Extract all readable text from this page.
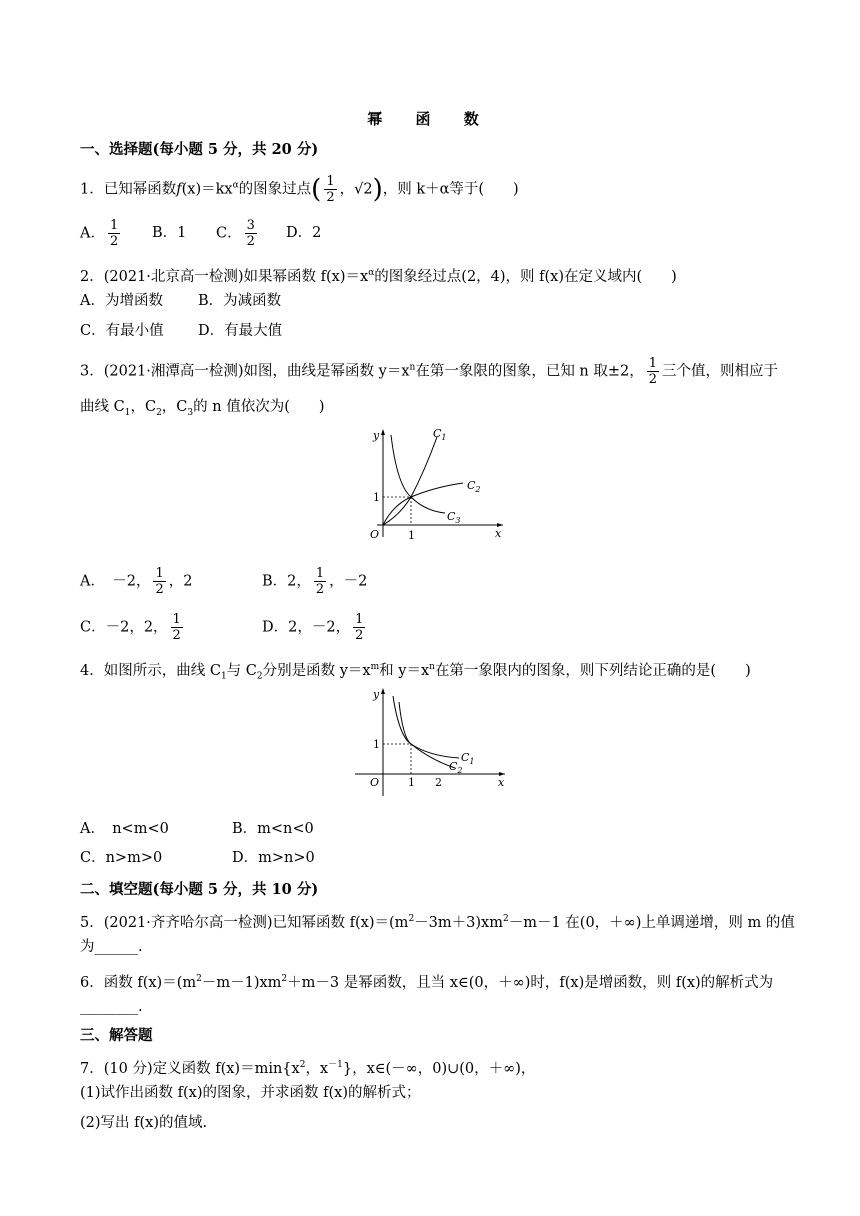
幂 函 数
一、选择题(每小题 5 分，共 20 分)
1．已知幂函数$f(x)=kx^\alpha$的图象过点( $\frac{1}{2}$ ，√2)，则 k＋α等于(　　)
A． $\frac{1}{2}$ B．1 C． $\frac{3}{2}$ D．2
2．(2021·北京高一检测)如果幂函数 $f(x)=x^\alpha$的图象经过点(2，4)，则 f(x)在定义域内(　　)
A．为增函数 B．为减函数
C．有最小值 D．有最大值
3．(2021·湘潭高一检测)如图，曲线是幂函数 $y=x^n$在第一象限的图象，已知 n 取±2， $\frac{1}{2}$ 三个值，则相应于
曲线 $C_1$，$C_2$，$C_3$的 n 值依次为(　　)
y
x
O	1
1
$C_1$
$C_2$
$C_3$
A．　－2， $\frac{1}{2}$ ，2	B．2， $\frac{1}{2}$ ，－2
C．－2，2， $\frac{1}{2}$	D．2，－2， $\frac{1}{2}$
4．如图所示，曲线 $C_1$与 $C_2$分别是函数 $y=x^m$和 $y=x^n$在第一象限内的图象，则下列结论正确的是(　　)
y
x
O	1 2
1
$C_1$
$C_2$
A．　n<m<0	B．m<n<0
C．n>m>0	D．m>n>0
二、填空题(每小题 5 分，共 10 分)
5．(2021·齐齐哈尔高一检测)已知幂函数 $f(x)=(m^2-3m+3)xm^2-m-1$ 在(0，＋∞)上单调递增，则 m 的值
为______.
6．函数 $f(x)=(m^2-m-1)xm^2+m-3$ 是幂函数，且当 x∈(0，＋∞)时，f(x)是增函数，则 f(x)的解析式为
________.
三、解答题
7．(10 分)定义函数 $f(x)=\min\{x^2$，$x^{-1}$}，x∈(－∞，0)∪(0，＋∞)，
(1)试作出函数 f(x)的图象，并求函数 f(x)的解析式；
(2)写出 f(x)的值域.
